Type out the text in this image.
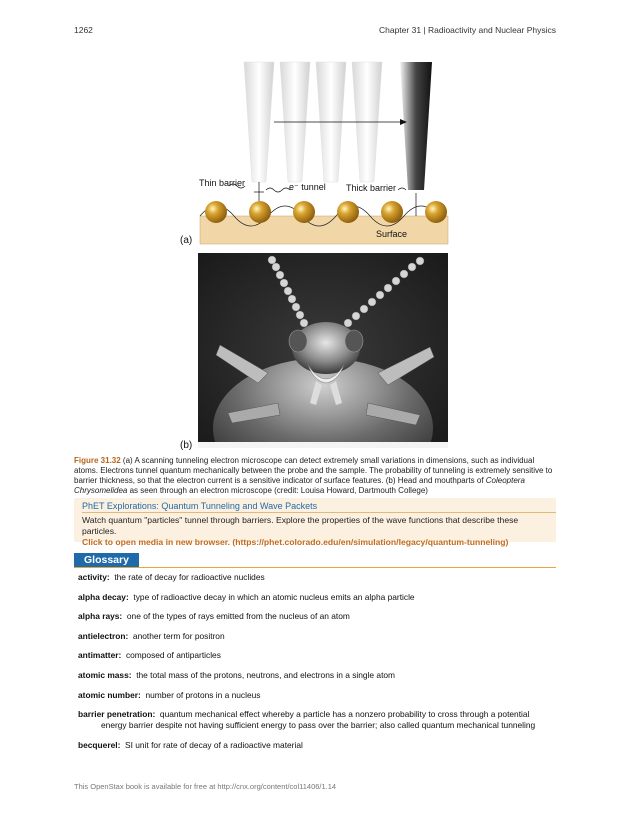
1262	Chapter 31 | Radioactivity and Nuclear Physics
Thin barrier	e⁻ tunnel Thick barrier
Surface
(a)
(b)
Figure 31.32 (a) A scanning tunneling electron microscope can detect extremely small variations in dimensions, such as individual atoms. Electrons tunnel quantum mechanically between the probe and the sample. The probability of tunneling is extremely sensitive to barrier thickness, so that the electron current is a sensitive indicator of surface features. (b) Head and mouthparts of Coleoptera Chrysomelidea as seen through an electron microscope (credit: Louisa Howard, Dartmouth College)
PhET Explorations: Quantum Tunneling and Wave Packets
Watch quantum "particles" tunnel through barriers. Explore the properties of the wave functions that describe these particles.
Click to open media in new browser. (https://phet.colorado.edu/en/simulation/legacy/quantum-tunneling)
Glossary
activity: the rate of decay for radioactive nuclides
alpha decay: type of radioactive decay in which an atomic nucleus emits an alpha particle
alpha rays: one of the types of rays emitted from the nucleus of an atom
antielectron: another term for positron
antimatter: composed of antiparticles
atomic mass: the total mass of the protons, neutrons, and electrons in a single atom
atomic number: number of protons in a nucleus
barrier penetration: quantum mechanical effect whereby a particle has a nonzero probability to cross through a potential energy barrier despite not having sufficient energy to pass over the barrier; also called quantum mechanical tunneling
becquerel: SI unit for rate of decay of a radioactive material
This OpenStax book is available for free at http://cnx.org/content/col11406/1.14
